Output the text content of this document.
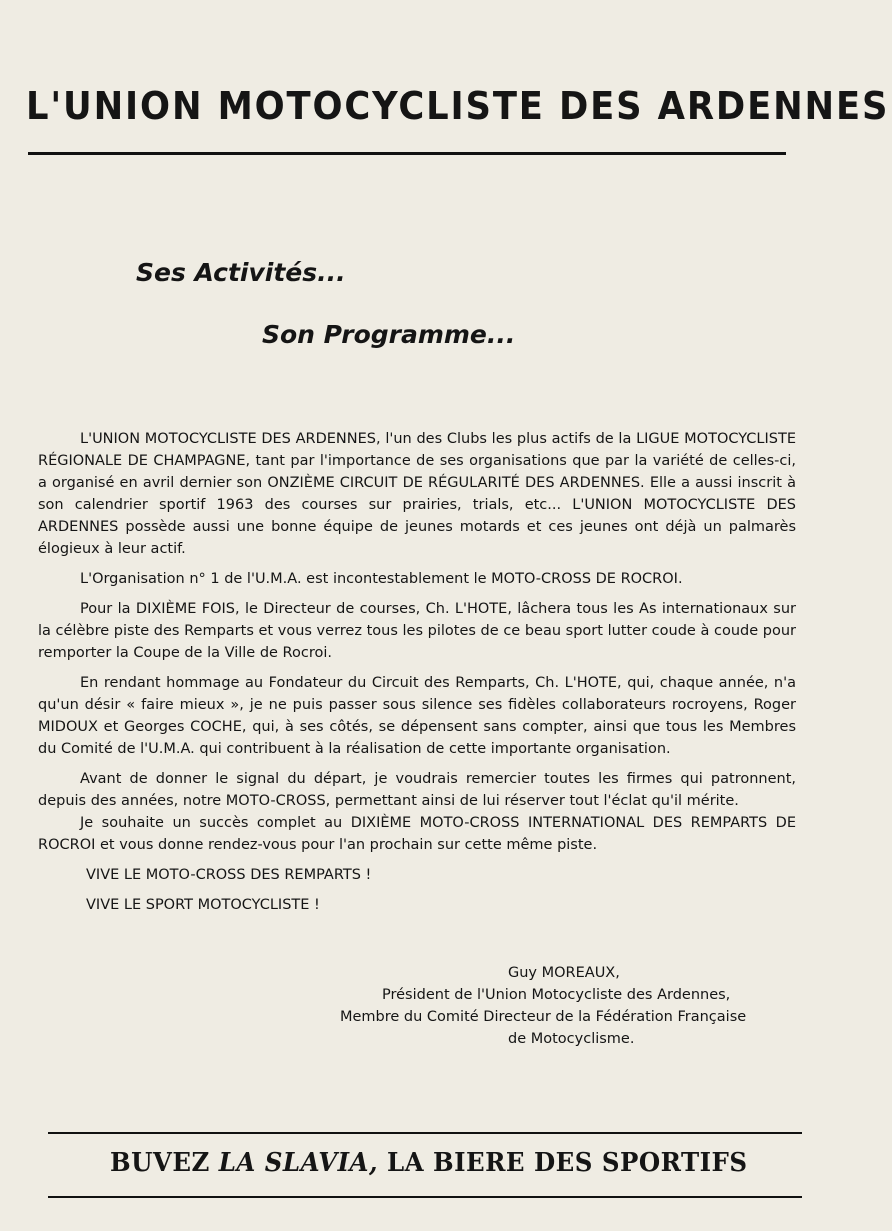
L'UNION MOTOCYCLISTE DES ARDENNES
Ses Activités...
Son Programme...

L'UNION MOTOCYCLISTE DES ARDENNES, l'un des Clubs les plus actifs de la LIGUE MOTOCYCLISTE RÉGIONALE DE CHAMPAGNE, tant par l'importance de ses organisations que par la variété de celles-ci, a organisé en avril dernier son ONZIÈME CIRCUIT DE RÉGULARITÉ DES ARDENNES. Elle a aussi inscrit à son calendrier sportif 1963 des courses sur prairies, trials, etc... L'UNION MOTOCYCLISTE DES ARDENNES possède aussi une bonne équipe de jeunes motards et ces jeunes ont déjà un palmarès élogieux à leur actif.

L'Organisation n° 1 de l'U.M.A. est incontestablement le MOTO-CROSS DE ROCROI.

Pour la DIXIÈME FOIS, le Directeur de courses, Ch. L'HOTE, lâchera tous les As internationaux sur la célèbre piste des Remparts et vous verrez tous les pilotes de ce beau sport lutter coude à coude pour remporter la Coupe de la Ville de Rocroi.

En rendant hommage au Fondateur du Circuit des Remparts, Ch. L'HOTE, qui, chaque année, n'a qu'un désir « faire mieux », je ne puis passer sous silence ses fidèles collaborateurs rocroyens, Roger MIDOUX et Georges COCHE, qui, à ses côtés, se dépensent sans compter, ainsi que tous les Membres du Comité de l'U.M.A. qui contribuent à la réalisation de cette importante organisation.

Avant de donner le signal du départ, je voudrais remercier toutes les firmes qui patronnent, depuis des années, notre MOTO-CROSS, permettant ainsi de lui réserver tout l'éclat qu'il mérite.

Je souhaite un succès complet au DIXIÈME MOTO-CROSS INTERNATIONAL DES REMPARTS DE ROCROI et vous donne rendez-vous pour l'an prochain sur cette même piste.

VIVE LE MOTO-CROSS DES REMPARTS !
VIVE LE SPORT MOTOCYCLISTE !
Guy MOREAUX,
Président de l'Union Motocycliste des Ardennes,
Membre du Comité Directeur de la Fédération Française
de Motocyclisme.
BUVEZ LA SLAVIA, LA BIERE DES SPORTIFS
